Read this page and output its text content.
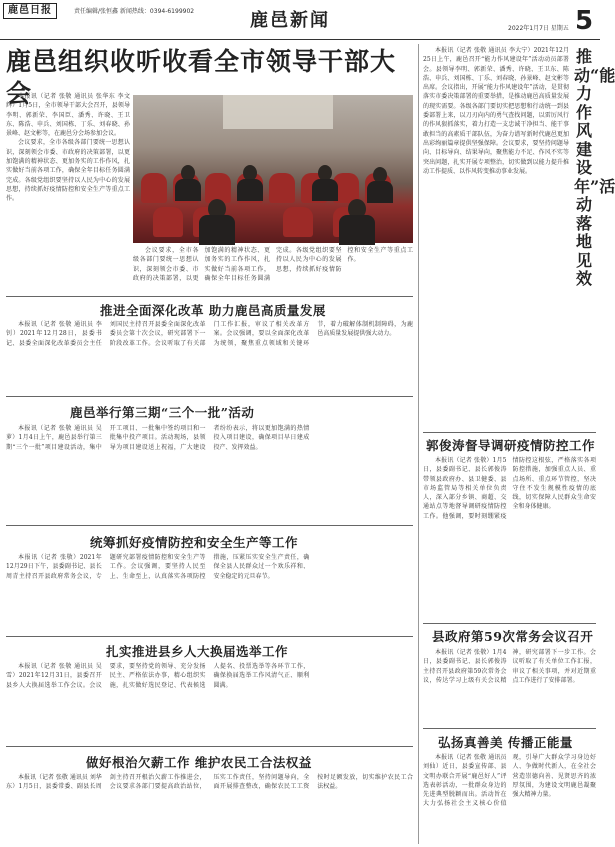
鹿邑日报	责任编辑/张恒鑫 新闻热线：0394-6199902	鹿邑新闻	2022年1月7日 星期五 5
鹿邑组织收听收看全市领导干部大会

本报讯（记者 张敬 通讯员 张华东 李文辉）1月5日，全市领导干部大会召开，县领导李明、郭新荣、李国臣、潘秀、许晓、王卫东、陈浩、申兵、刘国栋、丁乐、刘春晓、孙景峰、赵文彬等，在鹿邑分会场参加会议。

会议要求，全市各级各部门要统一思想认识，深刻领会市委、市政府的决策部署，以更加饱满的精神状态、更加务实的工作作风，扎实做好当前各项工作，确保全年目标任务圆满完成。各级党组织要坚持以人民为中心的发展思想，持续抓好疫情防控和安全生产等重点工作。

会议要求，全市各级各部门要统一思想认识，深刻领会市委、市政府的决策部署，以更加饱满的精神状态、更加务实的工作作风，扎实做好当前各项工作，确保全年目标任务圆满完成。各级党组织要坚持以人民为中心的发展思想，持续抓好疫情防控和安全生产等重点工作。

推进全面深化改革 助力鹿邑高质量发展

本报讯（记者 张敬 通讯员 李钊）2021年12月28日，县委书记、县委全面深化改革委员会主任刘国民主持召开县委全面深化改革委员会第十次会议，研究部署下一阶段改革工作。会议听取了有关部门工作汇报，审议了相关改革方案。会议强调，要以全面深化改革为统领，聚焦重点领域和关键环节，着力破解体制机制障碍，为鹿邑高质量发展提供强大动力。

鹿邑举行第三期“三个一批”活动

本报讯（记者 张敬 通讯员 吴萝）1月4日上午，鹿邑县举行第三期“三个一批”项目建设活动，集中开工项目、一批集中签约项目和一批集中投产项目。活动现场，县领导为项目建设送上祝福，广大建设者纷纷表示，将以更加饱满的热情投入项目建设，确保项目早日建成投产、发挥效益。

统筹抓好疫情防控和安全生产等工作

本报讯（记者 张敬）2021年12月29日下午，县委副书记、县长周青主持召开县政府常务会议，专题研究部署疫情防控和安全生产等工作。会议强调，要坚持人民至上、生命至上，认真落实各项防控措施，压紧压实安全生产责任，确保全县人民群众过一个欢乐祥和、安全稳定的元旦春节。

扎实推进县乡人大换届选举工作

本报讯（记者 张敬 通讯员 吴雪）2021年12月31日，县委召开县乡人大换届选举工作会议。会议要求，要坚持党的领导、充分发扬民主、严格依法办事，精心组织实施，扎实做好选民登记、代表候选人提名、投票选举等各环节工作，确保换届选举工作风清气正、顺利圆满。

做好根治欠薪工作 维护农民工合法权益

本报讯（记者 张敬 通讯员 刘华东）1月5日，县委常委、副县长周剑主持召开根治欠薪工作推进会，会议要求各部门要提高政治站位，压实工作责任，坚持问题导向，全面开展排查整改，确保农民工工资按时足额发放，切实维护农民工合法权益。

本报讯（记者 张敬 通讯员 李大宁）2021年12月25日上午，鹿邑召开“能力作风建设年”活动动员部署会。县领导李明、郭新荣、潘秀、许晓、王卫东、陈浩、申兵、刘国栋、丁乐、刘春晓、孙景峰、赵文彬等出席。会议指出，开展“能力作风建设年”活动，是贯彻落实市委决策部署的重要举措，是推动鹿邑高质量发展的现实需要。各级各部门要切实把思想和行动统一到县委部署上来，以刀刃向内的勇气查找问题，以雷厉风行的作风狠抓落实，着力打造一支忠诚干净担当、能干事敢担当的高素质干部队伍，为奋力谱写新时代鹿邑更加出彩绚丽篇章提供坚强保障。会议要求，要坚持问题导向、目标导向、结果导向，聚焦能力不足、作风不实等突出问题，扎实开展专项整治，切实做到以能力提升推动工作提质、以作风转变推动事业发展。

推动“能力作风建设年”活动落地见效
郭俊涛督导调研疫情防控工作

本报讯（记者 张敬）1月5日，县委副书记、县长郭俊涛带领县政府办、县卫健委、县市场监管局等相关单位负责人，深入部分乡镇、商超、交通站点等地督导调研疫情防控工作。他强调，要时刻绷紧疫情防控这根弦，严格落实各项防控措施，加强重点人员、重点场所、重点环节管控，坚决守住不发生规模性疫情的底线，切实保障人民群众生命安全和身体健康。

县政府第59次常务会议召开

本报讯（记者 张敬）1月4日，县委副书记、县长郭俊涛主持召开县政府第59次常务会议，传达学习上级有关会议精神，研究部署下一步工作。会议听取了有关单位工作汇报，审议了相关事项，并对近期重点工作进行了安排部署。

弘扬真善美 传播正能量

本报讯（记者 张敬 通讯员 刘仙）近日，县委宣传部、县文明办联合开展“鹿邑好人”评选表彰活动，一批群众身边的先进典型脱颖而出。活动旨在大力弘扬社会主义核心价值观，引导广大群众学习身边好人、争做时代新人，在全社会营造崇德向善、见贤思齐的浓厚氛围，为建设文明鹿邑凝聚强大精神力量。
